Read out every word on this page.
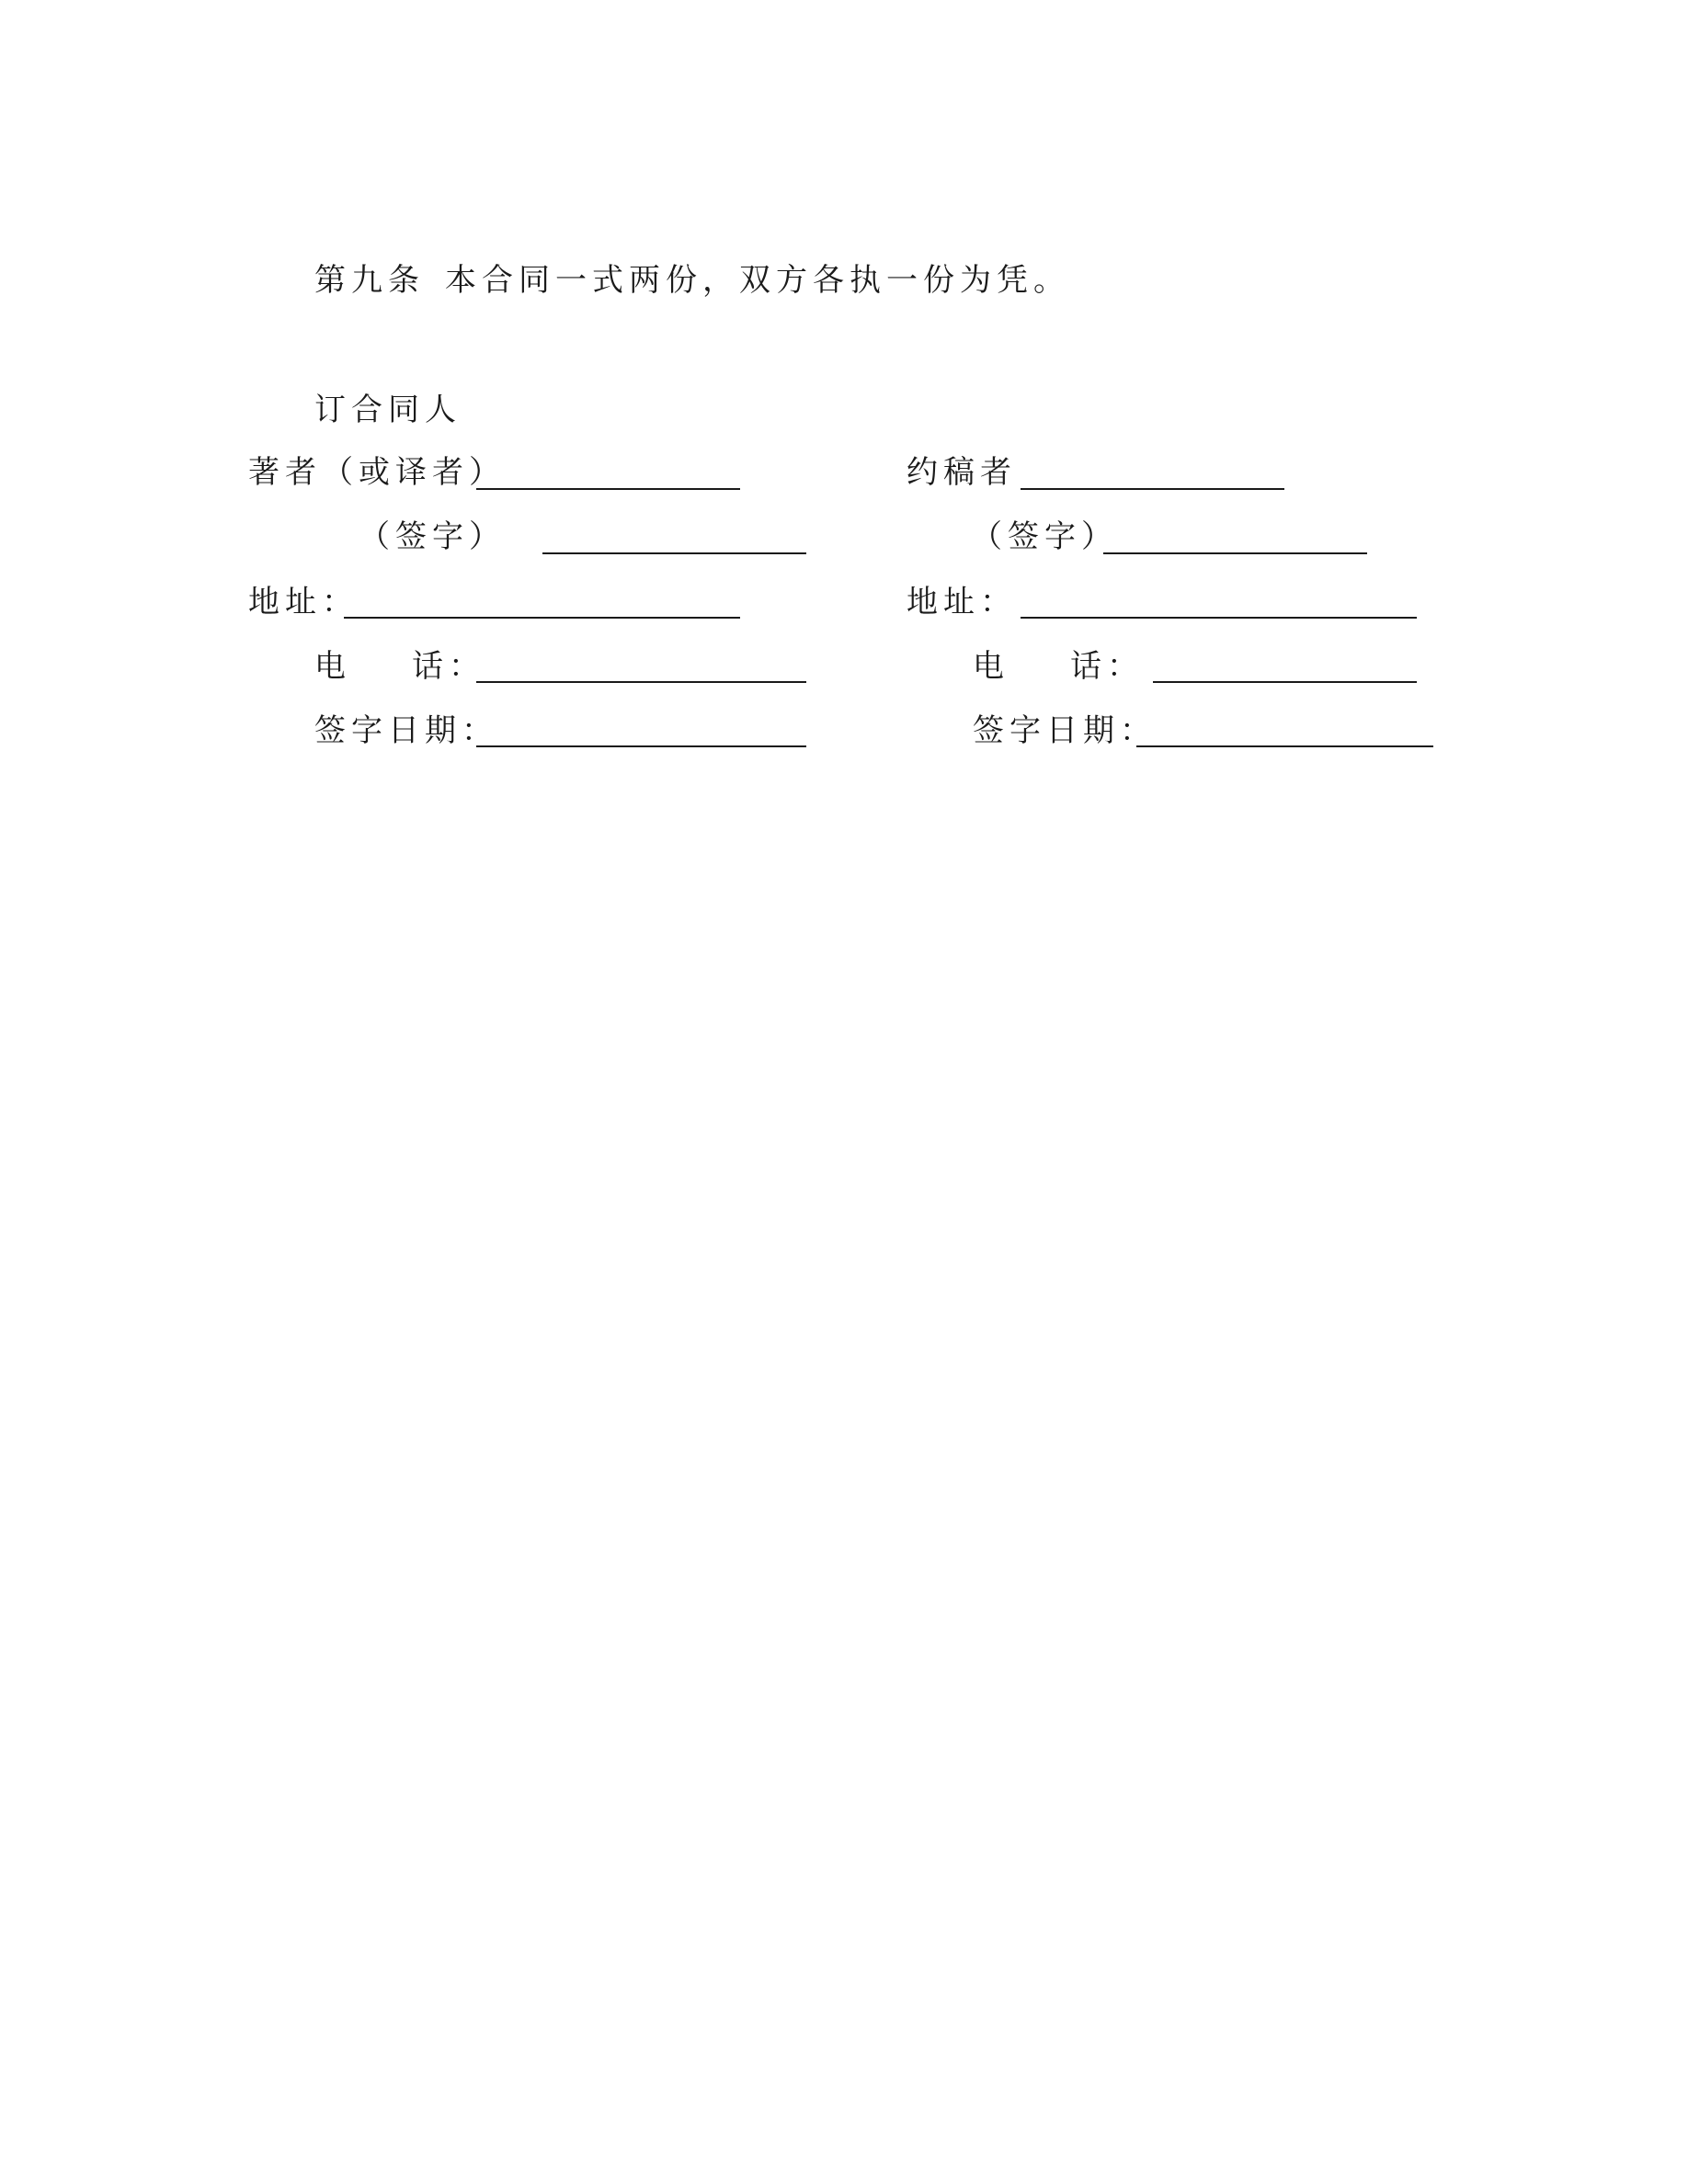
第九条 本合同一式两份，双方各执一份为凭。
订合同人
著者（或译者）
（签字）
地址：
电 话：
签字日期：
约稿者
（签字）
地址：
电 话：
签字日期：
